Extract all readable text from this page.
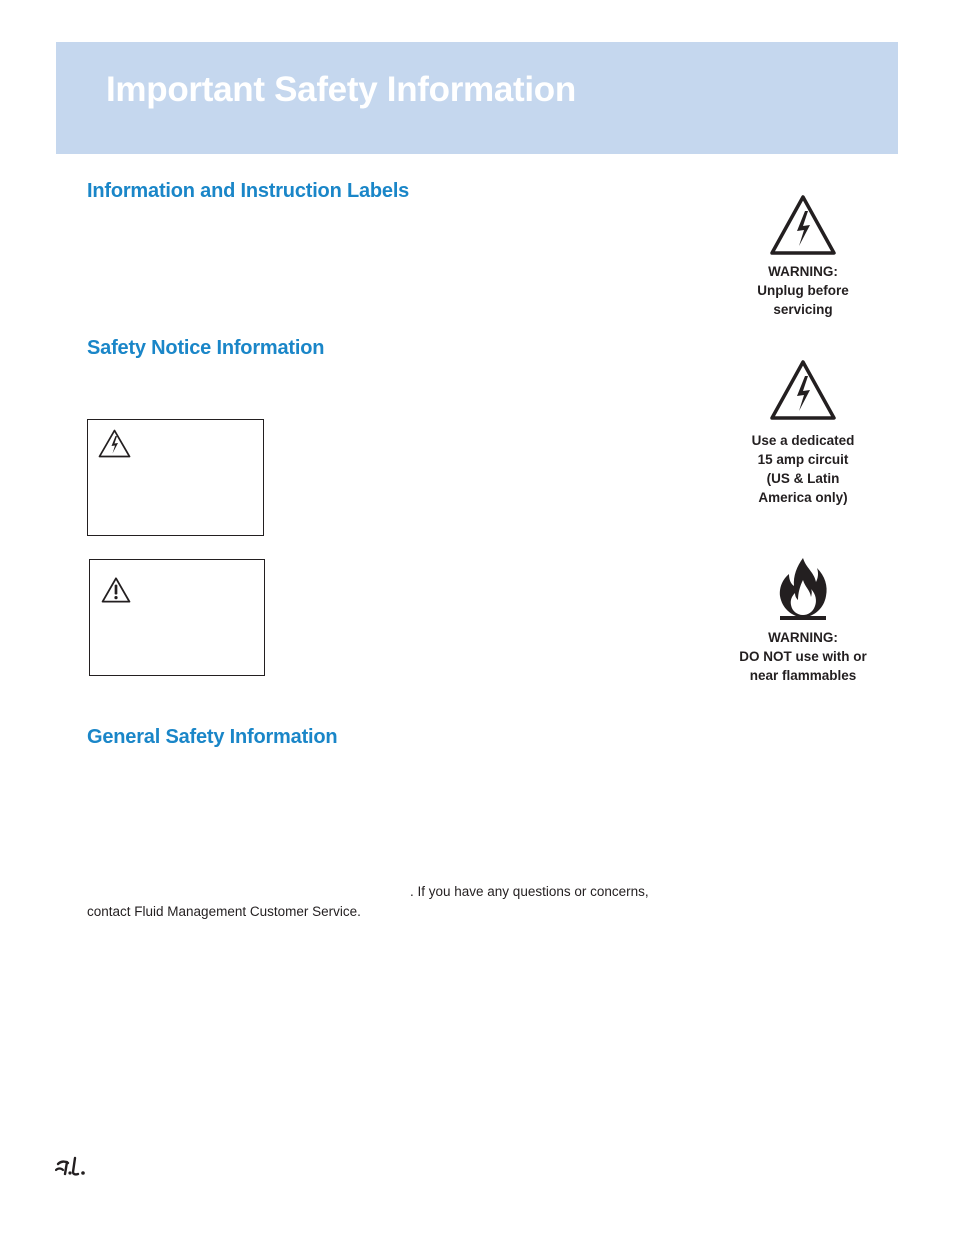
Important Safety Information
Information and Instruction Labels
Safety Notice Information
General Safety Information

. If you have any questions or concerns,

contact Fluid Management Customer Service.

WARNING:
Unplug before
servicing
Use a dedicated
15 amp circuit
(US & Latin
America only)
WARNING:
DO NOT use with or
near flammables
